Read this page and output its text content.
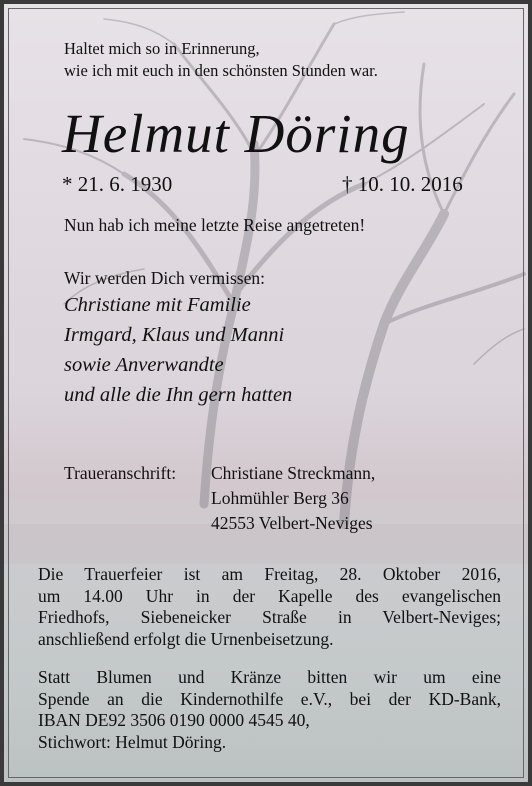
Haltet mich so in Erinnerung,
wie ich mit euch in den schönsten Stunden war.
Helmut Döring
* 21. 6. 1930	† 10. 10. 2016
Nun hab ich meine letzte Reise angetreten!
Wir werden Dich vermissen:
Christiane mit Familie
Irmgard, Klaus und Manni
sowie Anverwandte
und alle die Ihn gern hatten
Traueranschrift: Christiane Streckmann,
Lohmühler Berg 36
42553 Velbert-Neviges
Die Trauerfeier ist am Freitag, 28. Oktober 2016,
um 14.00 Uhr in der Kapelle des evangelischen
Friedhofs, Siebeneicker Straße in Velbert-Neviges;
anschließend erfolgt die Urnenbeisetzung.
Statt Blumen und Kränze bitten wir um eine
Spende an die Kindernothilfe e.V., bei der KD-Bank,
IBAN DE92 3506 0190 0000 4545 40,
Stichwort: Helmut Döring.
